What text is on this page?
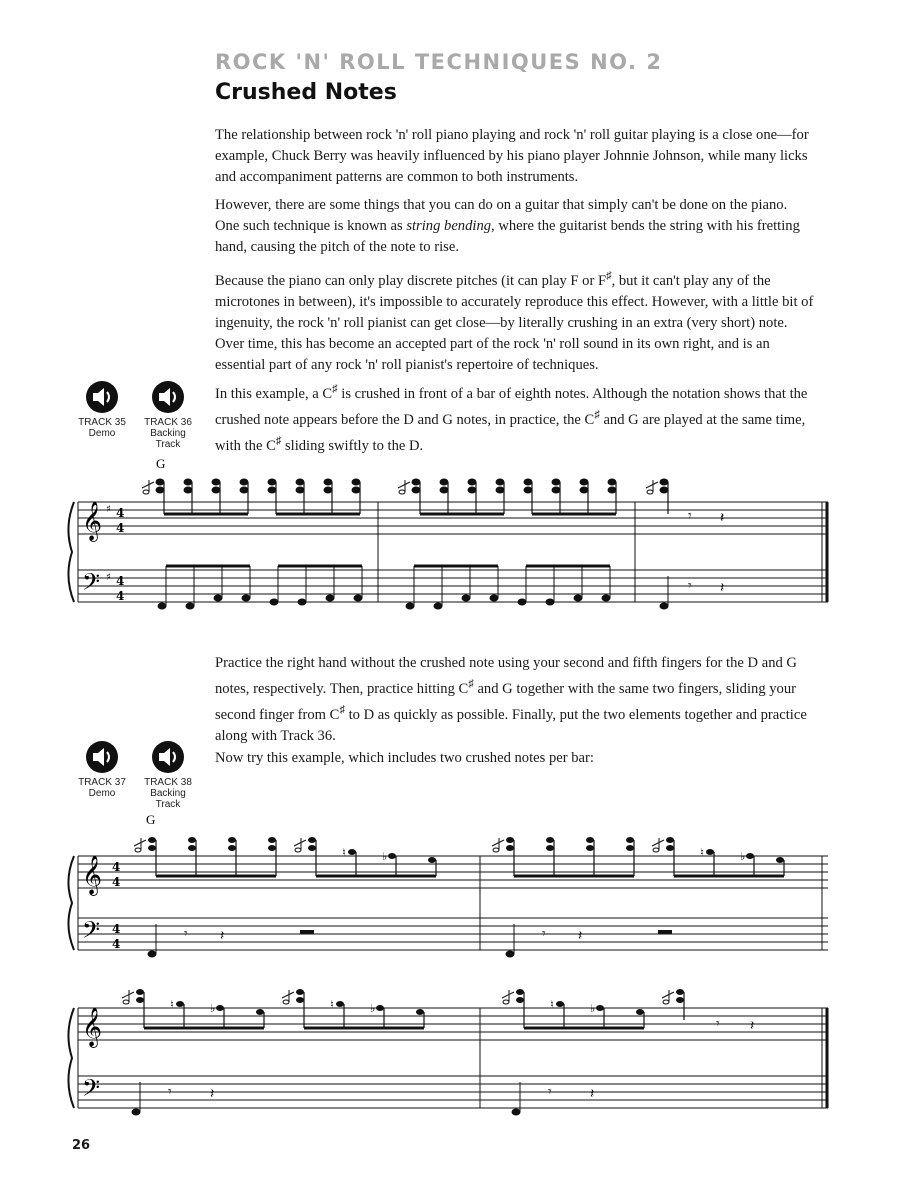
ROCK 'N' ROLL TECHNIQUES NO. 2
Crushed Notes

The relationship between rock 'n' roll piano playing and rock 'n' roll guitar playing is a close one—for example, Chuck Berry was heavily influenced by his piano player Johnnie Johnson, while many licks and accompaniment patterns are common to both instruments.

However, there are some things that you can do on a guitar that simply can't be done on the piano. One such technique is known as string bending, where the guitarist bends the string with his fretting hand, causing the pitch of the note to rise.

Because the piano can only play discrete pitches (it can play F or F♯, but it can't play any of the microtones in between), it's impossible to accurately reproduce this effect. However, with a little bit of ingenuity, the rock 'n' roll pianist can get close—by literally crushing in an extra (very short) note. Over time, this has become an accepted part of the rock 'n' roll sound in its own right, and is an essential part of any rock 'n' roll pianist's repertoire of techniques.

In this example, a C♯ is crushed in front of a bar of eighth notes. Although the notation shows that the crushed note appears before the D and G notes, in practice, the C♯ and G are played at the same time, with the C♯ sliding swiftly to the D.

Practice the right hand without the crushed note using your second and fifth fingers for the D and G notes, respectively. Then, practice hitting C♯ and G together with the same two fingers, sliding your second finger from C♯ to D as quickly as possible. Finally, put the two elements together and practice along with Track 36.

Now try this example, which includes two crushed notes per bar:

TRACK 35
Demo
TRACK 36
Backing Track
TRACK 37
Demo
TRACK 38
Backing Track
𝄞
𝄢
♯
♯
4
4
4
4
G
𝄾 𝄽
𝄾 𝄽
𝄞
𝄢
4
4
4
4
G
♮	♭	♮	♭
𝄾 𝄽	𝄾 𝄽
𝄞
𝄢
♮	♭	♮	♭	♮	♭
𝄾 𝄽
𝄾	𝄽	𝄾	𝄽

26
